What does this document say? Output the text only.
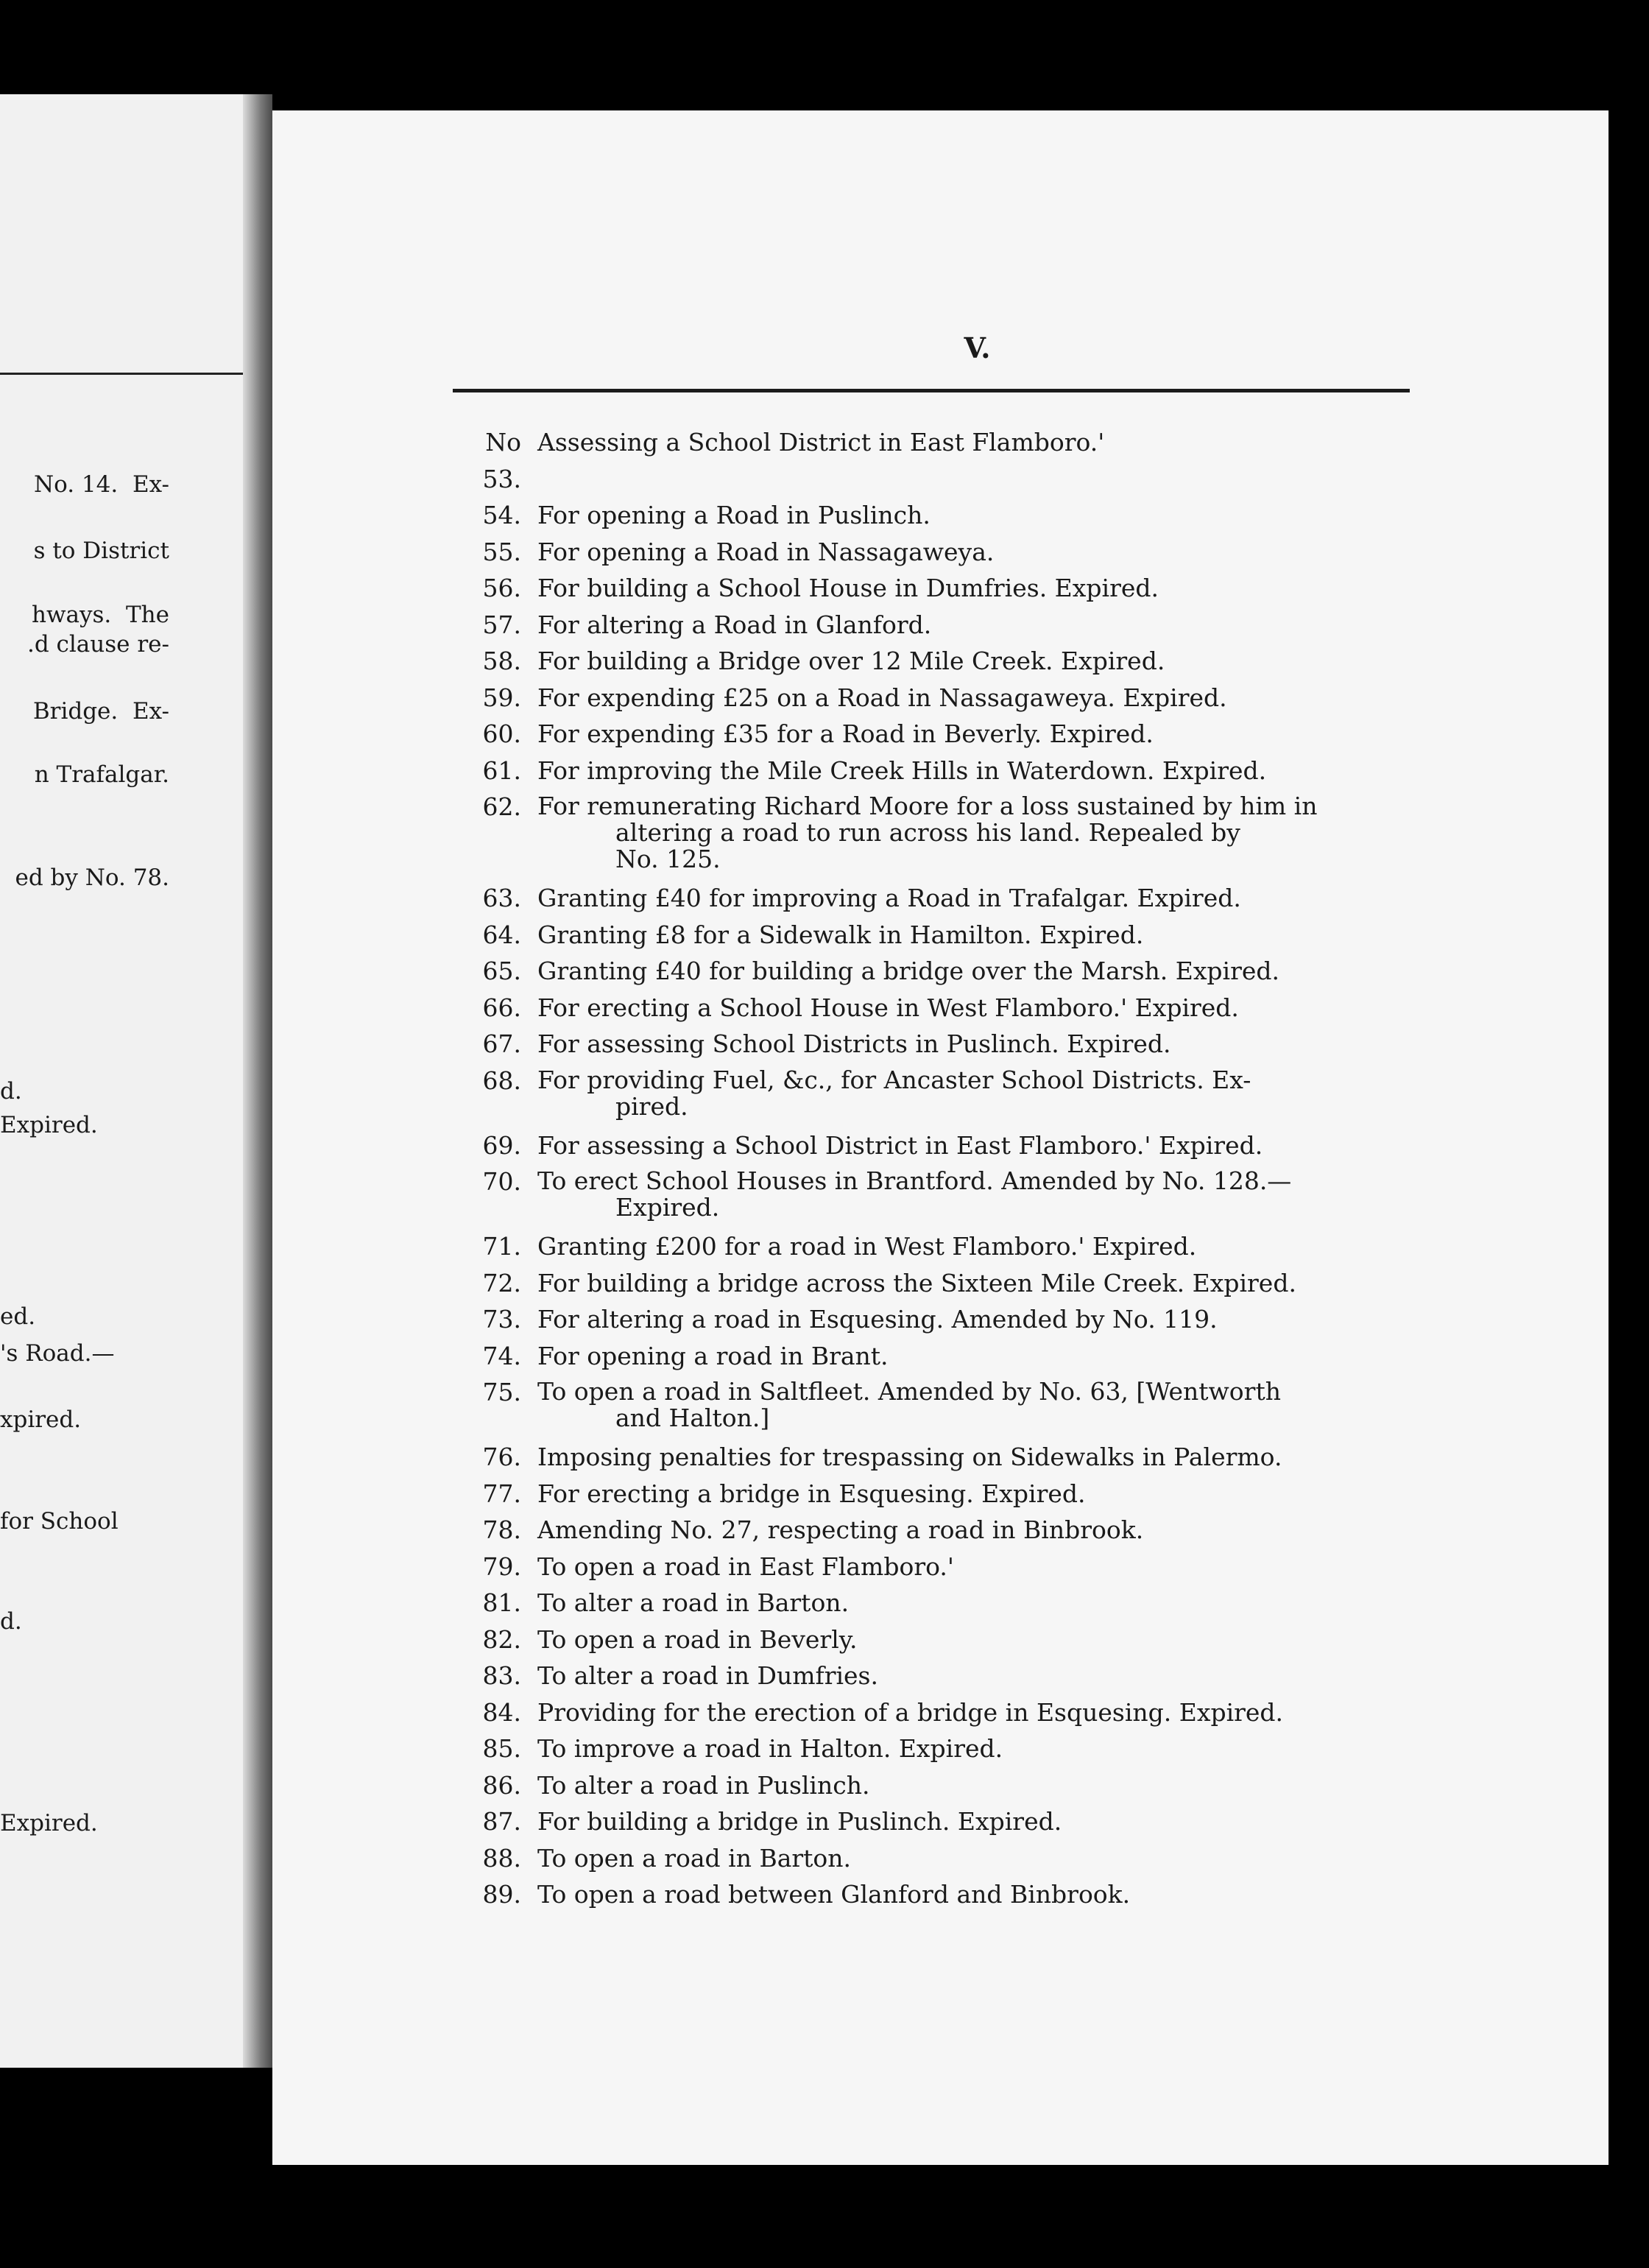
No. 14.  Ex-
s to District
hways.  The
.d clause re-
Bridge.  Ex-
n Trafalgar.
ed by No. 78.
d.
Expired.
ed.
's Road.—
xpired.
for School
d.
Expired.
V.
No 53.
Assessing a School District in East Flamboro.'
54. For opening a Road in Puslinch.
55. For opening a Road in Nassagaweya.
56. For building a School House in Dumfries. Expired.
57. For altering a Road in Glanford.
58. For building a Bridge over 12 Mile Creek. Expired.
59. For expending £25 on a Road in Nassagaweya. Expired.
60. For expending £35 for a Road in Beverly. Expired.
61. For improving the Mile Creek Hills in Waterdown. Expired.
62. For remunerating Richard Moore for a loss sustained by him in
altering a road to run across his land. Repealed by
No. 125.
63. Granting £40 for improving a Road in Trafalgar. Expired.
64. Granting £8 for a Sidewalk in Hamilton. Expired.
65. Granting £40 for building a bridge over the Marsh. Expired.
66. For erecting a School House in West Flamboro.' Expired.
67. For assessing School Districts in Puslinch. Expired.
68. For providing Fuel, &c., for Ancaster School Districts. Ex-
pired.
69. For assessing a School District in East Flamboro.' Expired.
70. To erect School Houses in Brantford. Amended by No. 128.—
Expired.
71. Granting £200 for a road in West Flamboro.' Expired.
72. For building a bridge across the Sixteen Mile Creek. Expired.
73. For altering a road in Esquesing. Amended by No. 119.
74. For opening a road in Brant.
75. To open a road in Saltfleet. Amended by No. 63, [Wentworth
and Halton.]
76. Imposing penalties for trespassing on Sidewalks in Palermo.
77. For erecting a bridge in Esquesing. Expired.
78. Amending No. 27, respecting a road in Binbrook.
79. To open a road in East Flamboro.'
81. To alter a road in Barton.
82. To open a road in Beverly.
83. To alter a road in Dumfries.
84. Providing for the erection of a bridge in Esquesing. Expired.
85. To improve a road in Halton. Expired.
86. To alter a road in Puslinch.
87. For building a bridge in Puslinch. Expired.
88. To open a road in Barton.
89. To open a road between Glanford and Binbrook.
